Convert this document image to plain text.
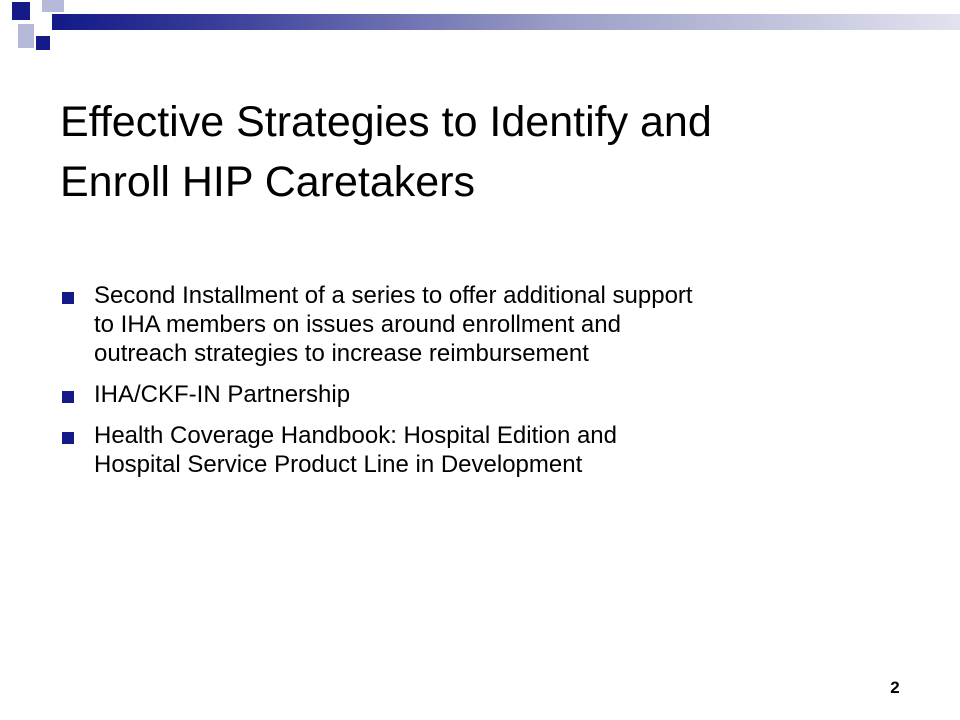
Effective Strategies to Identify and
Enroll HIP Caretakers
Second Installment of a series to offer additional support
to IHA members on issues around enrollment and
outreach strategies to increase reimbursement
IHA/CKF-IN Partnership
Health Coverage Handbook: Hospital Edition and
Hospital Service Product Line in Development
2
